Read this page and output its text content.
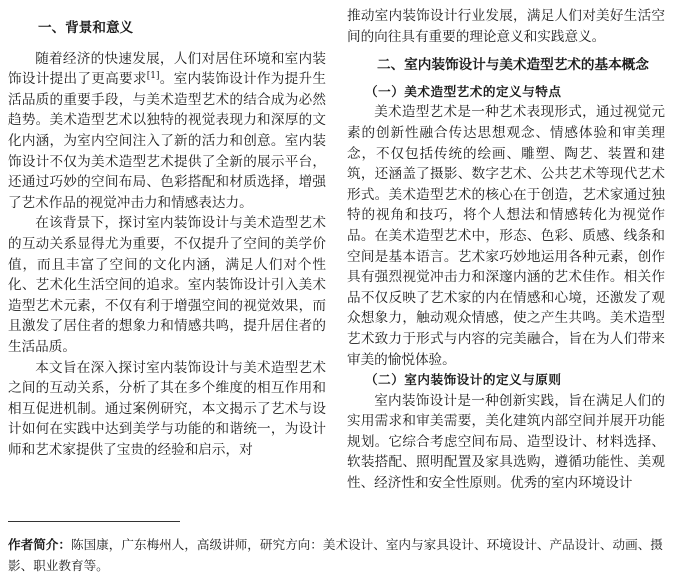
一、背景和意义

随着经济的快速发展，人们对居住环境和室内装饰设计提出了更高要求[1]。室内装饰设计作为提升生活品质的重要手段，与美术造型艺术的结合成为必然趋势。美术造型艺术以独特的视觉表现力和深厚的文化内涵，为室内空间注入了新的活力和创意。室内装饰设计不仅为美术造型艺术提供了全新的展示平台，还通过巧妙的空间布局、色彩搭配和材质选择，增强了艺术作品的视觉冲击力和情感表达力。

在该背景下，探讨室内装饰设计与美术造型艺术的互动关系显得尤为重要，不仅提升了空间的美学价值，而且丰富了空间的文化内涵，满足人们对个性化、艺术化生活空间的追求。室内装饰设计引入美术造型艺术元素，不仅有利于增强空间的视觉效果，而且激发了居住者的想象力和情感共鸣，提升居住者的生活品质。

本文旨在深入探讨室内装饰设计与美术造型艺术之间的互动关系，分析了其在多个维度的相互作用和相互促进机制。通过案例研究，本文揭示了艺术与设计如何在实践中达到美学与功能的和谐统一，为设计师和艺术家提供了宝贵的经验和启示，对

推动室内装饰设计行业发展，满足人们对美好生活空间的向往具有重要的理论意义和实践意义。

二、室内装饰设计与美术造型艺术的基本概念
（一）美术造型艺术的定义与特点

美术造型艺术是一种艺术表现形式，通过视觉元素的创新性融合传达思想观念、情感体验和审美理念，不仅包括传统的绘画、雕塑、陶艺、装置和建筑，还涵盖了摄影、数字艺术、公共艺术等现代艺术形式。美术造型艺术的核心在于创造，艺术家通过独特的视角和技巧，将个人想法和情感转化为视觉作品。在美术造型艺术中，形态、色彩、质感、线条和空间是基本语言。艺术家巧妙地运用各种元素，创作具有强烈视觉冲击力和深邃内涵的艺术佳作。相关作品不仅反映了艺术家的内在情感和心境，还激发了观众想象力，触动观众情感，使之产生共鸣。美术造型艺术致力于形式与内容的完美融合，旨在为人们带来审美的愉悦体验。

（二）室内装饰设计的定义与原则

室内装饰设计是一种创新实践，旨在满足人们的实用需求和审美需要，美化建筑内部空间并展开功能规划。它综合考虑空间布局、造型设计、材料选择、软装搭配、照明配置及家具选购，遵循功能性、美观性、经济性和安全性原则。优秀的室内环境设计

作者简介：陈国康，广东梅州人，高级讲师，研究方向：美术设计、室内与家具设计、环境设计、产品设计、动画、摄影、职业教育等。
